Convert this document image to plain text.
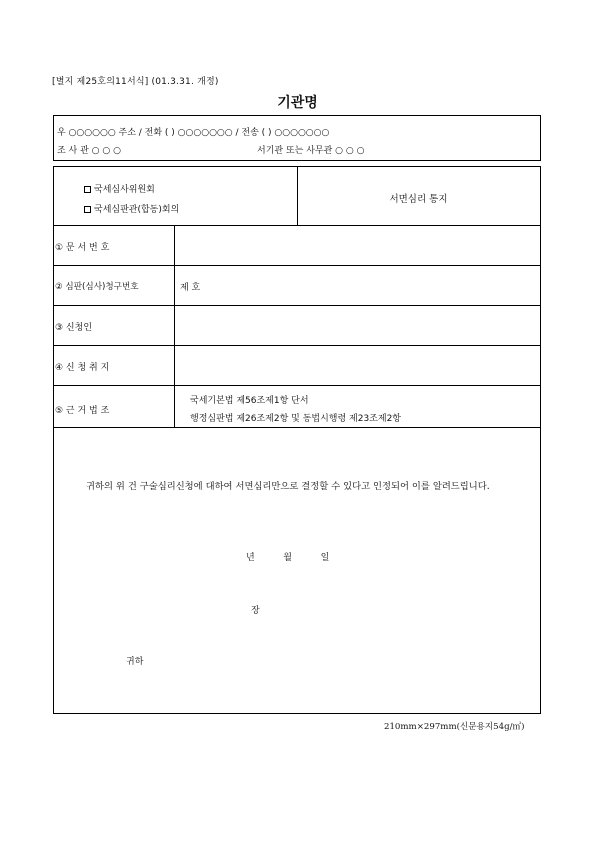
[별지 제25호의11서식] (01.3.31. 개정)
기관명
우 ○○○○○○ 주소 / 전화 ( ) ○○○○○○○ / 전송 ( ) ○○○○○○○
조 사 관 ○ ○ ○	서기관 또는 사무관 ○ ○ ○
국세심사위원회
국세심판관(합동)회의
서면심리 통지
① 문 서 번 호
② 심판(심사)청구번호	제 호
③ 신청인
④ 신 청 취 지
⑤ 근 거 법 조
국세기본법 제56조제1항 단서
행정심판법 제26조제2항 및 동법시행령 제23조제2항
귀하의 위 건 구술심리신청에 대하여 서면심리만으로 결정할 수 있다고 인정되어 이를 알려드립니다.
년          월          일
장
귀하
210mm×297mm(신문용지54g/㎡)
